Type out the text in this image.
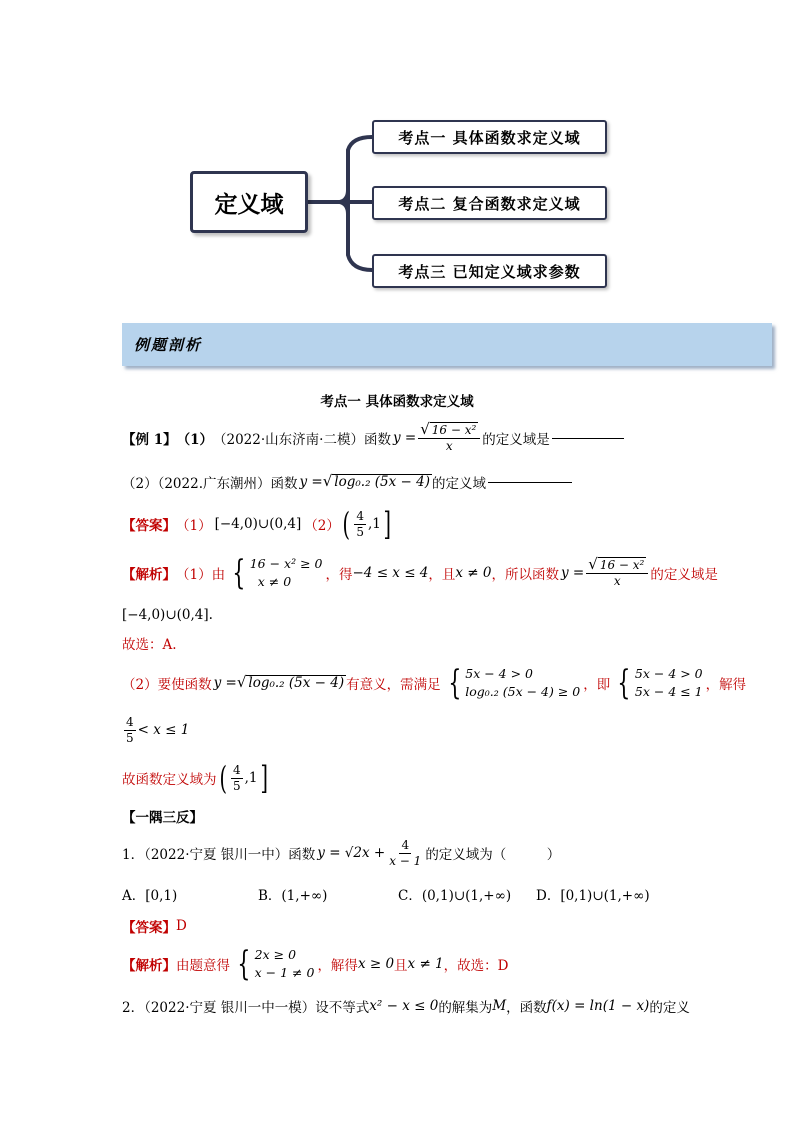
定义域
考点一 具体函数求定义域
考点二 复合函数求定义域
考点三 已知定义域求参数
例题剖析
考点一 具体函数求定义域
【例 1】 （1） （2022·山东济南·二模）函数 $y = \frac{\text{√ 16 − x²}}{x}$ 的定义域是
（2）（2022.广东潮州）函数 y = √ log₀.₂ (5x − 4) 的定义域
【答案】 （1） [−4,0)∪(0,4] （2） ( $\frac{4}{5} ,1$ ]
【解析】 （1）由 { 16 − x² ≥ 0
x ≠ 0	，得 −4 ≤ x ≤ 4 ，且 x ≠ 0 ，所以函数 $y = \frac{\text{√ 16 − x²}}{x}$ 的定义域是
[−4,0)∪(0,4] .
故选：A.
（2）要使函数 y = √ log₀.₂ (5x − 4) 有意义，需满足 { 5x − 4 > 0
log₀.₂ (5x − 4) ≥ 0 ，即 { 5x − 4 > 0
5x − 4 ≤ 1 ，解得
$\frac{4}{5} < x \le 1$
故函数定义域为 ( $\frac{4}{5} ,1$ ]
【一隅三反】
1．（2022·宁夏 银川一中）函数 $y = √2x + \frac{4}{x - 1}$ 的定义域为（　　　）
A．[0,1)	B．(1,+∞)	C．(0,1)∪(1,+∞) D．[0,1)∪(1,+∞)
【答案】 D
【解析】 由题意得 { 2x ≥ 0
x − 1 ≠ 0 ，解得 x ≥ 0 且 x ≠ 1 ，故选：D
2．（2022·宁夏 银川一中一模）设不等式 x² − x ≤ 0 的解集为 M ，函数 f(x) = ln(1 − x) 的定义
